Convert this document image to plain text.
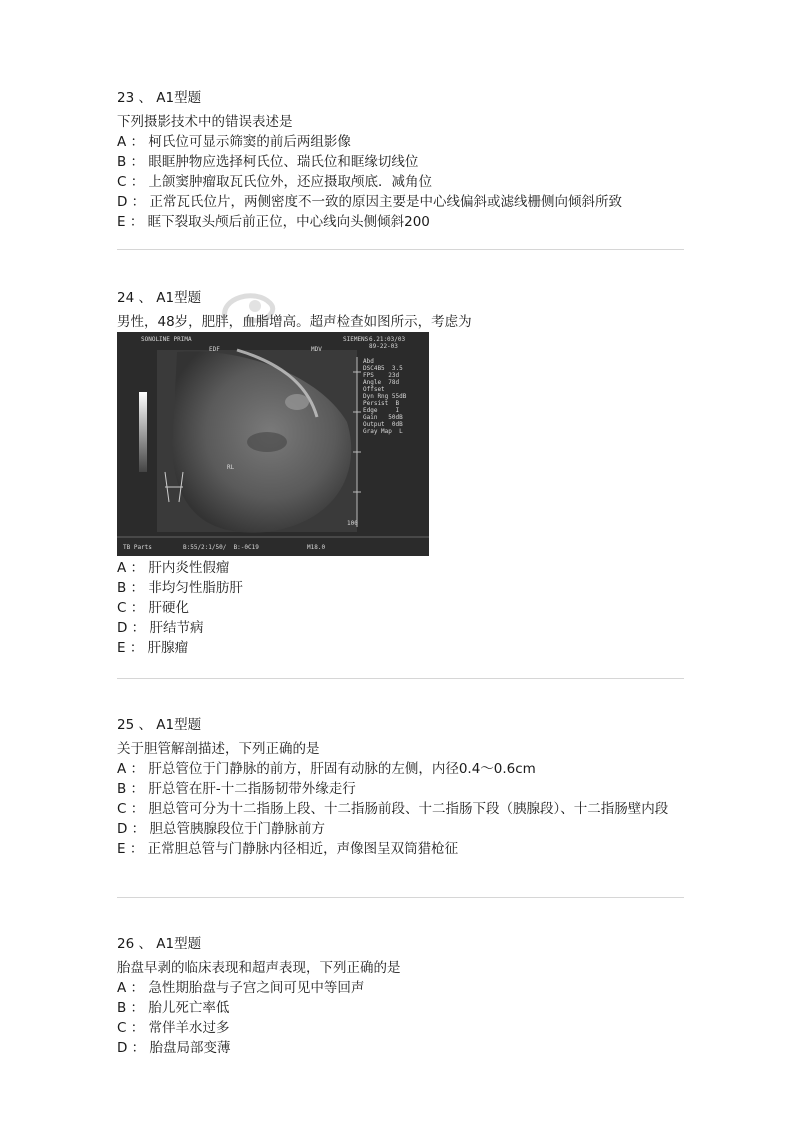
23 、 A1型题
下列摄影技术中的错误表述是
A ： 柯氏位可显示筛窦的前后两组影像
B ： 眼眶肿物应选择柯氏位、瑞氏位和眶缘切线位
C ： 上颌窦肿瘤取瓦氏位外，还应摄取颅底．减角位
D ： 正常瓦氏位片，两侧密度不一致的原因主要是中心线偏斜或滤线栅侧向倾斜所致
E ： 眶下裂取头颅后前正位，中心线向头侧倾斜200
24 、 A1型题
男性，48岁，肥胖，血脂增高。超声检查如图所示，考虑为
SONOLINE PRIMA	SIEMENS
EDF	MDV
6.21:03/03
89-22-03
Abd
DSC4B5  3.5
FPS    23d
Angle  78d
Offset
Dyn Rng 55dB
Persist  B
Edge     I
Gain   50dB
Output  0dB
Gray Map  L
RL
100
TB Parts	B:55/2:1/50/  B:-0C19	M18.0
A ： 肝内炎性假瘤
B ： 非均匀性脂肪肝
C ： 肝硬化
D ： 肝结节病
E ： 肝腺瘤
25 、 A1型题
关于胆管解剖描述，下列正确的是
A ： 肝总管位于门静脉的前方，肝固有动脉的左侧，内径0.4～0.6cm
B ： 肝总管在肝-十二指肠韧带外缘走行
C ： 胆总管可分为十二指肠上段、十二指肠前段、十二指肠下段（胰腺段）、十二指肠壁内段
D ： 胆总管胰腺段位于门静脉前方
E ： 正常胆总管与门静脉内径相近，声像图呈双筒猎枪征
26 、 A1型题
胎盘早剥的临床表现和超声表现，下列正确的是
A ： 急性期胎盘与子宫之间可见中等回声
B ： 胎儿死亡率低
C ： 常伴羊水过多
D ： 胎盘局部变薄
